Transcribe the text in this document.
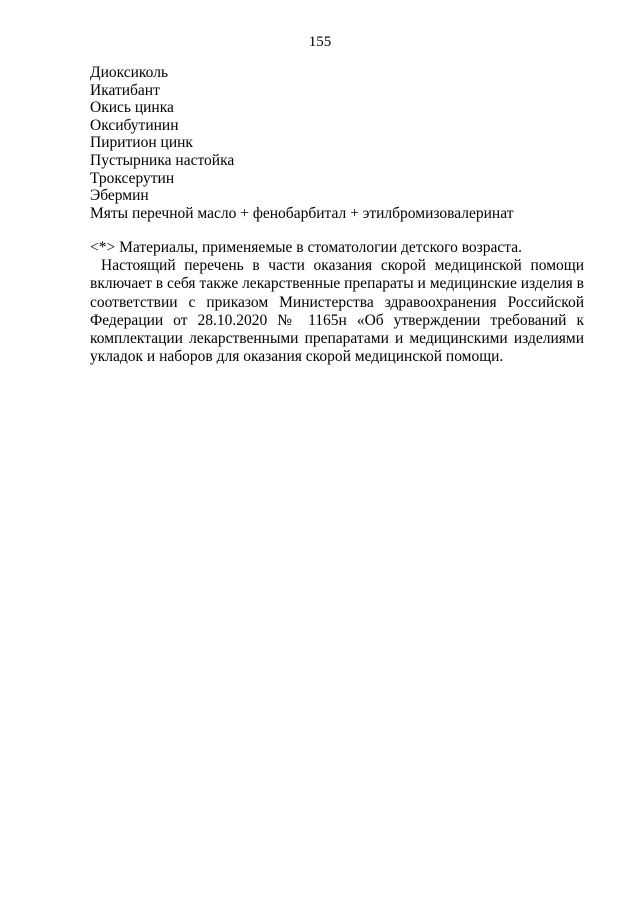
155
Диоксиколь
Икатибант
Окись цинка
Оксибутинин
Пиритион цинк
Пустырника настойка
Троксерутин
Эбермин
Мяты перечной масло + фенобарбитал + этилбромизовалеринат

<*> Материалы, применяемые в стоматологии детского возраста.

Настоящий перечень в части оказания скорой медицинской помощи включает в себя также лекарственные препараты и медицинские изделия в соответствии с приказом Министерства здравоохранения Российской Федерации от 28.10.2020 № 1165н «Об утверждении требований к комплектации лекарственными препаратами и медицинскими изделиями укладок и наборов для оказания скорой медицинской помощи.
